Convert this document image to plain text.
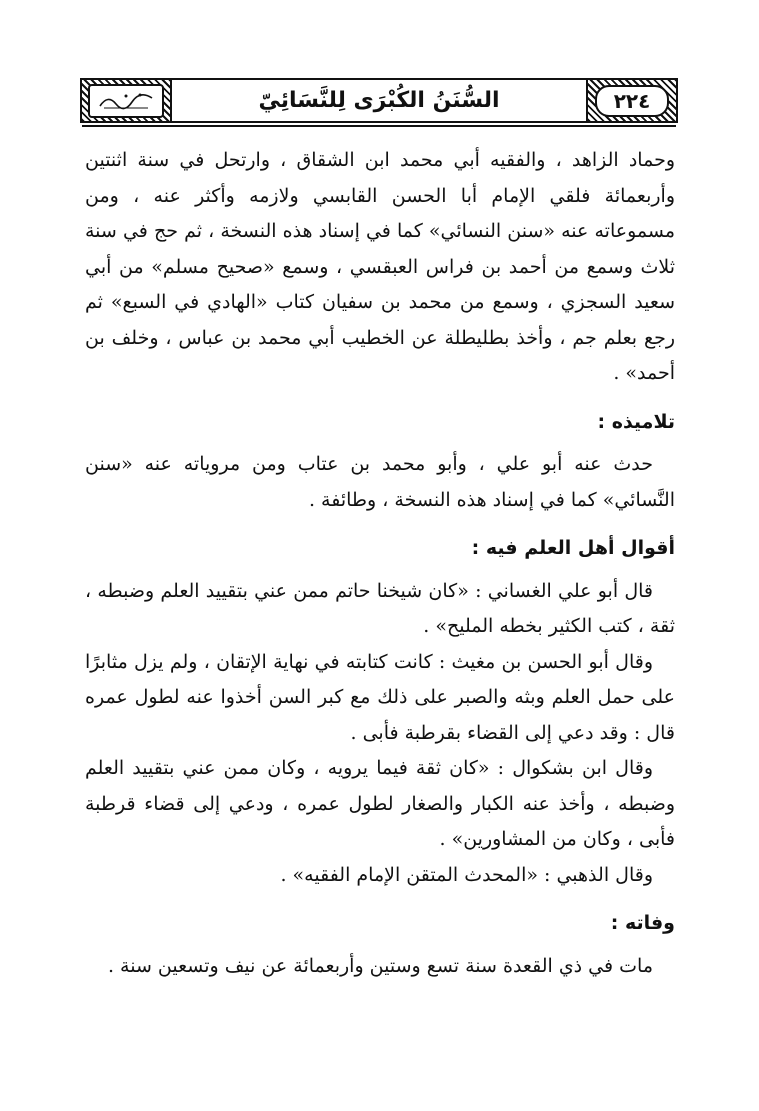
٢٢٤
السُّنَنُ الكُبْرَى لِلنَّسَائِيّ

وحماد الزاهد ، والفقيه أبي محمد ابن الشقاق ، وارتحل في سنة اثنتين وأربعمائة فلقي الإمام أبا الحسن القابسي ولازمه وأكثر عنه ، ومن مسموعاته عنه «سنن النسائي» كما في إسناد هذه النسخة ، ثم حج في سنة ثلاث وسمع من أحمد بن فراس العبقسي ، وسمع «صحيح مسلم» من أبي سعيد السجزي ، وسمع من محمد بن سفيان كتاب «الهادي في السبع» ثم رجع بعلم جم ، وأخذ بطليطلة عن الخطيب أبي محمد بن عباس ، وخلف بن أحمد» .

تلاميذه :

حدث عنه أبو علي ، وأبو محمد بن عتاب ومن مروياته عنه «سنن النَّسائي» كما في إسناد هذه النسخة ، وطائفة .

أقوال أهل العلم فيه :

قال أبو علي الغساني : «كان شيخنا حاتم ممن عني بتقييد العلم وضبطه ، ثقة ، كتب الكثير بخطه المليح» .

وقال أبو الحسن بن مغيث : كانت كتابته في نهاية الإتقان ، ولم يزل مثابرًا على حمل العلم وبثه والصبر على ذلك مع كبر السن أخذوا عنه لطول عمره قال : وقد دعي إلى القضاء بقرطبة فأبى .

وقال ابن بشكوال : «كان ثقة فيما يرويه ، وكان ممن عني بتقييد العلم وضبطه ، وأخذ عنه الكبار والصغار لطول عمره ، ودعي إلى قضاء قرطبة فأبى ، وكان من المشاورين» .

وقال الذهبي : «المحدث المتقن الإمام الفقيه» .

وفاته :

مات في ذي القعدة سنة تسع وستين وأربعمائة عن نيف وتسعين سنة .
